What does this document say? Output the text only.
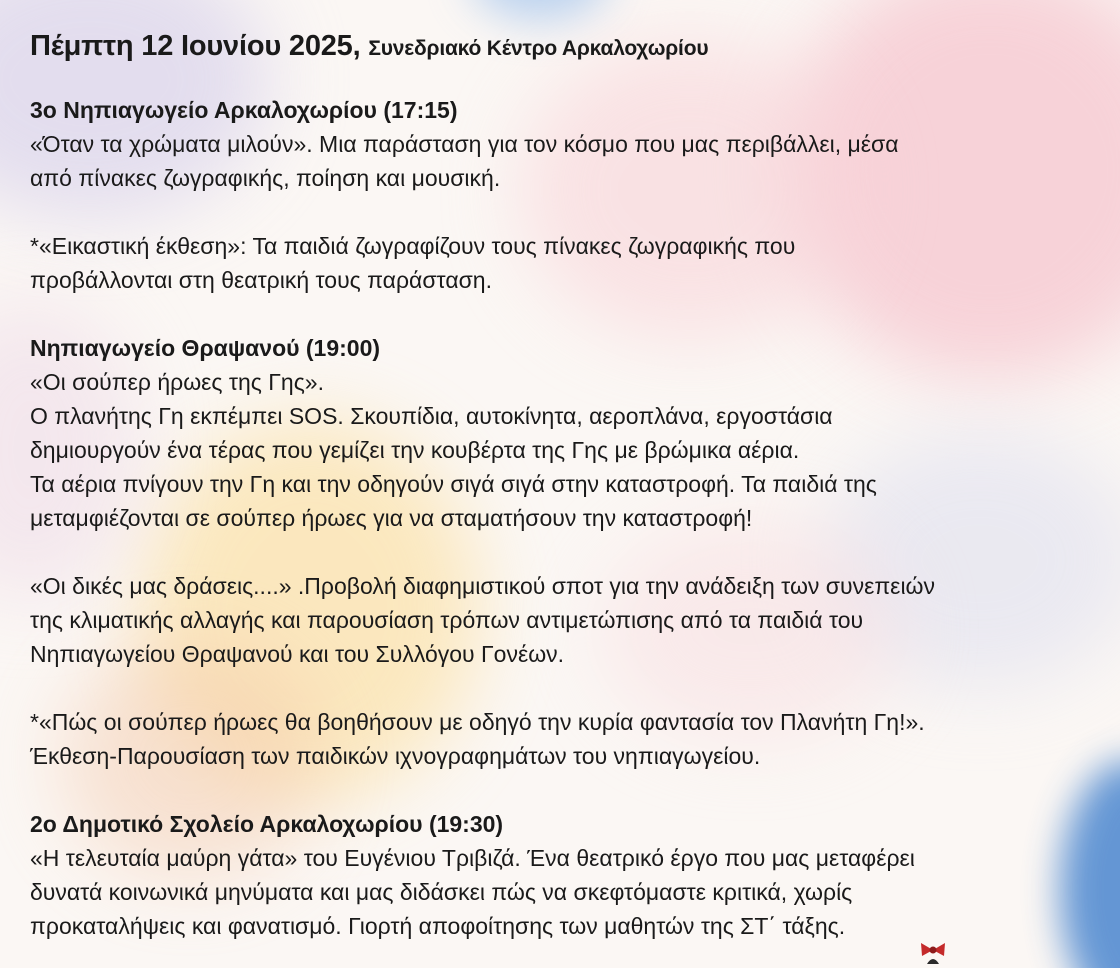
Πέμπτη 12 Ιουνίου 2025, Συνεδριακό Κέντρο Αρκαλοχωρίου

3ο Νηπιαγωγείο Αρκαλοχωρίου (17:15)

«Όταν τα χρώματα μιλούν». Μια παράσταση για τον κόσμο που μας περιβάλλει, μέσα
από πίνακες ζωγραφικής, ποίηση και μουσική.

*«Εικαστική έκθεση»: Τα παιδιά ζωγραφίζουν τους πίνακες ζωγραφικής που
προβάλλονται στη θεατρική τους παράσταση.

Νηπιαγωγείο Θραψανού (19:00)

«Οι σούπερ ήρωες της Γης».
Ο πλανήτης Γη εκπέμπει SOS. Σκουπίδια, αυτοκίνητα, αεροπλάνα, εργοστάσια
δημιουργούν ένα τέρας που γεμίζει την κουβέρτα της Γης με βρώμικα αέρια.
Τα αέρια πνίγουν την Γη και την οδηγούν σιγά σιγά στην καταστροφή. Τα παιδιά της
μεταμφιέζονται σε σούπερ ήρωες για να σταματήσουν την καταστροφή!

«Οι δικές μας δράσεις....» .Προβολή διαφημιστικού σποτ για την ανάδειξη των συνεπειών
της κλιματικής αλλαγής και παρουσίαση τρόπων αντιμετώπισης από τα παιδιά του
Νηπιαγωγείου Θραψανού και του Συλλόγου Γονέων.

*«Πώς οι σούπερ ήρωες θα βοηθήσουν με οδηγό την κυρία φαντασία τον Πλανήτη Γη!».
Έκθεση-Παρουσίαση των παιδικών ιχνογραφημάτων του νηπιαγωγείου.

2ο Δημοτικό Σχολείο Αρκαλοχωρίου (19:30)

«Η τελευταία μαύρη γάτα» του Ευγένιου Τριβιζά. Ένα θεατρικό έργο που μας μεταφέρει
δυνατά κοινωνικά μηνύματα και μας διδάσκει πώς να σκεφτόμαστε κριτικά, χωρίς
προκαταλήψεις και φανατισμό. Γιορτή αποφοίτησης των μαθητών της ΣΤ΄ τάξης.
